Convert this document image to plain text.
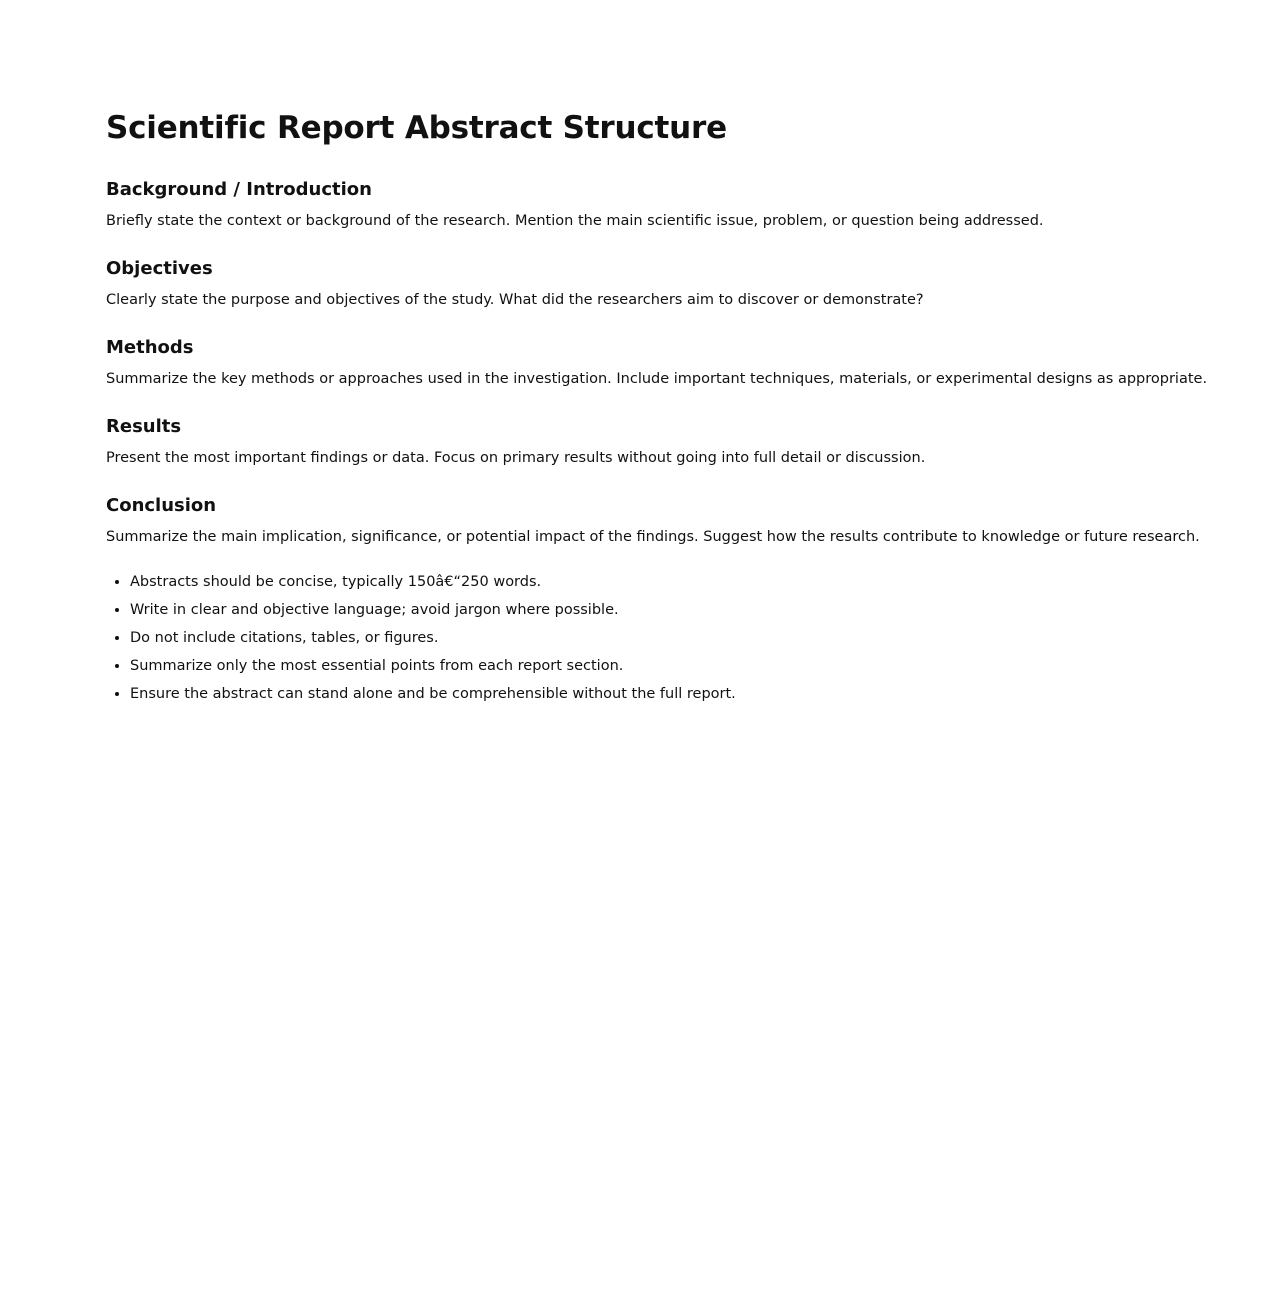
Scientific Report Abstract Structure
Background / Introduction

Briefly state the context or background of the research. Mention the main scientific issue, problem, or question being addressed.

Objectives

Clearly state the purpose and objectives of the study. What did the researchers aim to discover or demonstrate?

Methods

Summarize the key methods or approaches used in the investigation. Include important techniques, materials, or experimental designs as appropriate.

Results

Present the most important findings or data. Focus on primary results without going into full detail or discussion.

Conclusion

Summarize the main implication, significance, or potential impact of the findings. Suggest how the results contribute to knowledge or future research.

• Abstracts should be concise, typically 150â€“250 words.
• Write in clear and objective language; avoid jargon where possible.
• Do not include citations, tables, or figures.
• Summarize only the most essential points from each report section.
• Ensure the abstract can stand alone and be comprehensible without the full report.
